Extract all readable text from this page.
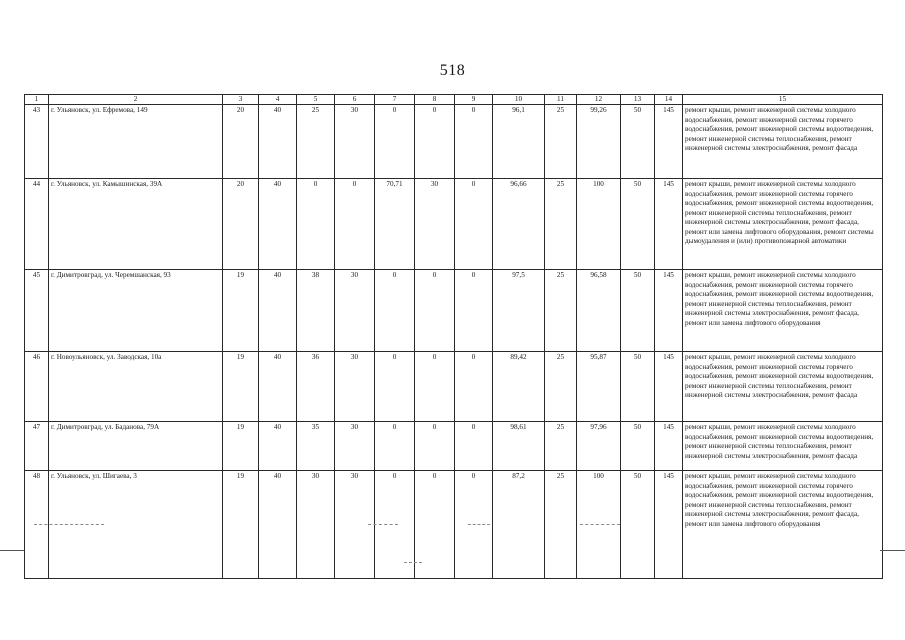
518
1	2	3	4	5	6	7	8	9	10	11	12	13	14	15
43	г. Ульяновск, ул. Ефремова, 149	20	40	25	30	0	0	0	96,1	25	99,26	50	145	ремонт крыши, ремонт инженерной системы холодного водоснабжения, ремонт инженерной системы горячего водоснабжения, ремонт инженерной системы водоотведения, ремонт инженерной системы теплоснабжения, ремонт инженерной системы электроснабжения, ремонт фасада
44	г. Ульяновск, ул. Камышинская, 39А	20	40	0	0	70,71	30	0	96,66	25	100	50	145	ремонт крыши, ремонт инженерной системы холодного водоснабжения, ремонт инженерной системы горячего водоснабжения, ремонт инженерной системы водоотведения, ремонт инженерной системы теплоснабжения, ремонт инженерной системы электроснабжения, ремонт фасада, ремонт или замена лифтового оборудования, ремонт системы дымоудаления и (или) противопожарной автоматики
45	г. Димитровград, ул. Черемшанская, 93	19	40	38	30	0	0	0	97,5	25	96,58	50	145	ремонт крыши, ремонт инженерной системы холодного водоснабжения, ремонт инженерной системы горячего водоснабжения, ремонт инженерной системы водоотведения, ремонт инженерной системы теплоснабжения, ремонт инженерной системы электроснабжения, ремонт фасада, ремонт или замена лифтового оборудования
46	г. Новоульяновск, ул. Заводская, 10а	19	40	36	30	0	0	0	89,42	25	95,87	50	145	ремонт крыши, ремонт инженерной системы холодного водоснабжения, ремонт инженерной системы горячего водоснабжения, ремонт инженерной системы водоотведения, ремонт инженерной системы теплоснабжения, ремонт инженерной системы электроснабжения, ремонт фасада
47	г. Димитровград, ул. Баданова, 79А	19	40	35	30	0	0	0	98,61	25	97,96	50	145	ремонт крыши, ремонт инженерной системы холодного водоснабжения, ремонт инженерной системы водоотведения, ремонт инженерной системы теплоснабжения, ремонт инженерной системы электроснабжения, ремонт фасада
48	г. Ульяновск, ул. Шигаева, 3	19	40	30	30	0	0	0	87,2	25	100	50	145	ремонт крыши, ремонт инженерной системы холодного водоснабжения, ремонт инженерной системы горячего водоснабжения, ремонт инженерной системы водоотведения, ремонт инженерной системы теплоснабжения, ремонт инженерной системы электроснабжения, ремонт фасада, ремонт или замена лифтового оборудования
